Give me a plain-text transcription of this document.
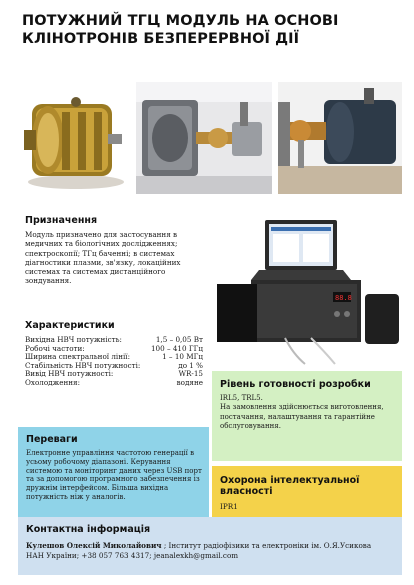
ПОТУЖНИЙ ТГЦ МОДУЛЬ НА ОСНОВІ
КЛІНОТРОНІВ БЕЗПЕРЕРВНОЇ ДІЇ
Призначення

Модуль призначено для застосування в медичних та біологічних дослідженнях; спектроскопії; ТГц баченні; в системах діагностики плазми, зв'язку, локаційних системах та системах дистанційного зондування.

Характеристики
Вихідна НВЧ потужність:	1,5 – 0,05 Вт
Робочі частоти:	100 – 410 ГГц
Ширина спектральної лінії:	1 – 10 МГц
Стабільність НВЧ потужності:	до 1 %
Вивід НВЧ потужності:	WR-15
Охолодження:	водяне
88.8
Рівень готовності розробки
IRL5, TRL5.
На замовлення здійснюється виготовлення, постачання, налаштування та гарантійне обслуговування.
Переваги
Електронне управління частотою генерації в усьому робочому діапазоні. Керування системою та моніторинг даних через USB порт та за допомогою програмного забезпечення із дружнім інтерфейсом. Більша вихідна потужність ніж у аналогів.
Охорона інтелектуальної власності
IPR1
Контактна інформація
Кулешов Олексій Миколайович ; Інститут радіофізики та електроніки ім. О.Я.Усикова
НАН України; +38 057 763 4317; jeanalexkh@gmail.com
